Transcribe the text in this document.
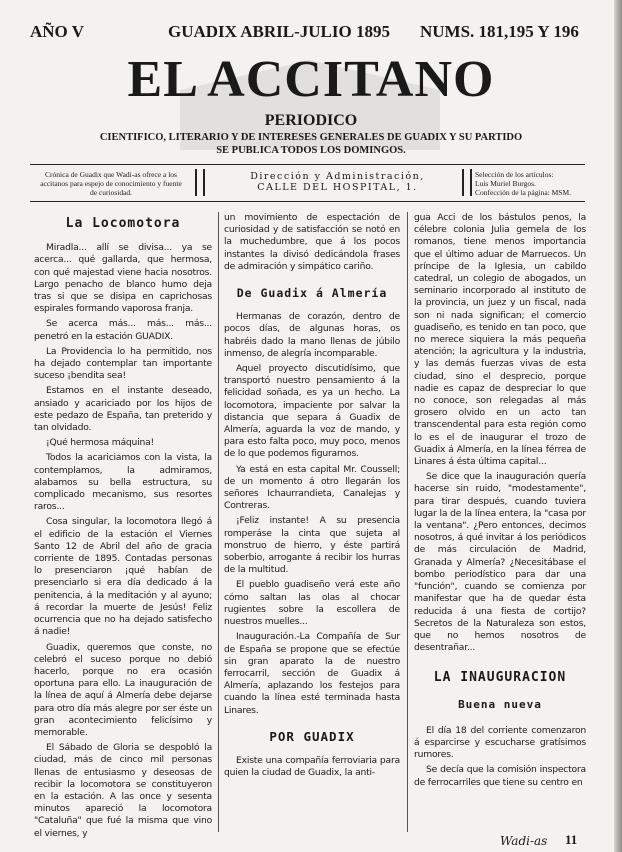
AÑO V	GUADIX ABRIL-JULIO 1895 NUMS. 181,195 Y 196
EL ACCITANO
PERIODICO
CIENTIFICO, LITERARIO Y DE INTERESES GENERALES DE GUADIX Y SU PARTIDO
SE PUBLICA TODOS LOS DOMINGOS.
Crónica de Guadix que Wadi-as ofrece a los accitanos para espejo de conocimiento y fuente de curiosidad.
Dirección y Administración,
CALLE DEL HOSPITAL, 1.
Selección de los artículos:
Luis Muriel Burgos.
Confección de la página: MSM.
La Locomotora

Miradla... allí se divisa... ya se acerca... qué gallarda, que hermosa, con qué majestad viene hacia nosotros. Largo penacho de blanco humo deja tras si que se disipa en caprichosas espirales formando vaporosa franja.

Se acerca más... más... más... penetró en la estación GUADIX.

La Providencia lo ha permitido, nos ha dejado contemplar tan importante suceso ¡bendita sea!

Estamos en el instante deseado, ansiado y acariciado por los hijos de este pedazo de España, tan preterido y tan olvidado.

¡Qué hermosa máquina!

Todos la acariciamos con la vista, la contemplamos, la admiramos, alabamos su bella estructura, su complicado mecanismo, sus resortes raros...

Cosa singular, la locomotora llegó á el edificio de la estación el Viernes Santo 12 de Abril del año de gracia corriente de 1895. Contadas personas lo presenciaron ¡qué habían de presenciarlo si era día dedicado á la penitencia, á la meditación y al ayuno; á recordar la muerte de Jesús! Feliz ocurrencia que no ha dejado satisfecho á nadie!

Guadix, queremos que conste, no celebró el suceso porque no debió hacerlo, porque no era ocasión oportuna para ello. La inauguración de la línea de aquí á Almería debe dejarse para otro día más alegre por ser éste un gran acontecimiento felicísimo y memorable.

El Sábado de Gloria se despobló la ciudad, más de cinco mil personas llenas de entusiasmo y deseosas de recibir la locomotora se constituyeron en la estación. A las once y sesenta minutos apareció la locomotora "Cataluña" que fué la misma que vino el viernes, y

un movimiento de espectación de curiosidad y de satisfacción se notó en la muchedumbre, que á los pocos instantes la divisó dedicándola frases de admiración y simpático cariño.

De Guadix á Almería

Hermanas de corazón, dentro de pocos días, de algunas horas, os habréis dado la mano llenas de júbilo inmenso, de alegría incomparable.

Aquel proyecto discutidísimo, que transportó nuestro pensamiento á la felicidad soñada, es ya un hecho. La locomotora, impaciente por salvar la distancia que separa á Guadix de Almería, aguarda la voz de mando, y para esto falta poco, muy poco, menos de lo que podemos figurarnos.

Ya está en esta capital Mr. Coussell; de un momento á otro llegarán los señores Ichaurrandieta, Canalejas y Contreras.

¡Feliz instante! A su presencia romperáse la cinta que sujeta al monstruo de hierro, y éste partirá soberbio, arrogante á recibir los hurras de la multitud.

El pueblo guadiseño verá este año cómo saltan las olas al chocar rugientes sobre la escollera de nuestros muelles...

Inauguración.-La Compañía de Sur de España se propone que se efectúe sin gran aparato la de nuestro ferrocarril, sección de Guadix á Almería, aplazando los festejos para cuando la línea esté terminada hasta Linares.

POR GUADIX

Existe una compañía ferroviaria para quien la ciudad de Guadix, la anti-

gua Acci de los bástulos penos, la célebre colonia Julia gemela de los romanos, tiene menos importancia que el último aduar de Marruecos. Un príncipe de la Iglesia, un cabildo catedral, un colegio de abogados, un seminario incorporado al instituto de la provincia, un juez y un fiscal, nada son ni nada significan; el comercio guadiseño, es tenido en tan poco, que no merece siquiera la más pequeña atención; la agricultura y la industria, y las demás fuerzas vivas de esta ciudad, sino el desprecio, porque nadie es capaz de despreciar lo que no conoce, son relegadas al más grosero olvido en un acto tan transcendental para esta región como lo es el de inaugurar el trozo de Guadix á Almería, en la línea férrea de Linares á ésta última capital...

Se dice que la inauguración quería hacerse sin ruido, "modestamente", para tirar después, cuando tuviera lugar la de la línea entera, la "casa por la ventana". ¿Pero entonces, decimos nosotros, á qué invitar á los periódicos de más circulación de Madrid, Granada y Almería? ¿Necesitábase el bombo periodístico para dar una "función", cuando se comienza por manifestar que ha de quedar ésta reducida á una fiesta de cortijo? Secretos de la Naturaleza son estos, que no hemos nosotros de desentrañar...

LA INAUGURACION
Buena nueva

El día 18 del corriente comenzaron á esparcirse y escucharse gratísimos rumores.

Se decía que la comisión inspectora de ferrocarriles que tiene su centro en

Wadi-as 11
